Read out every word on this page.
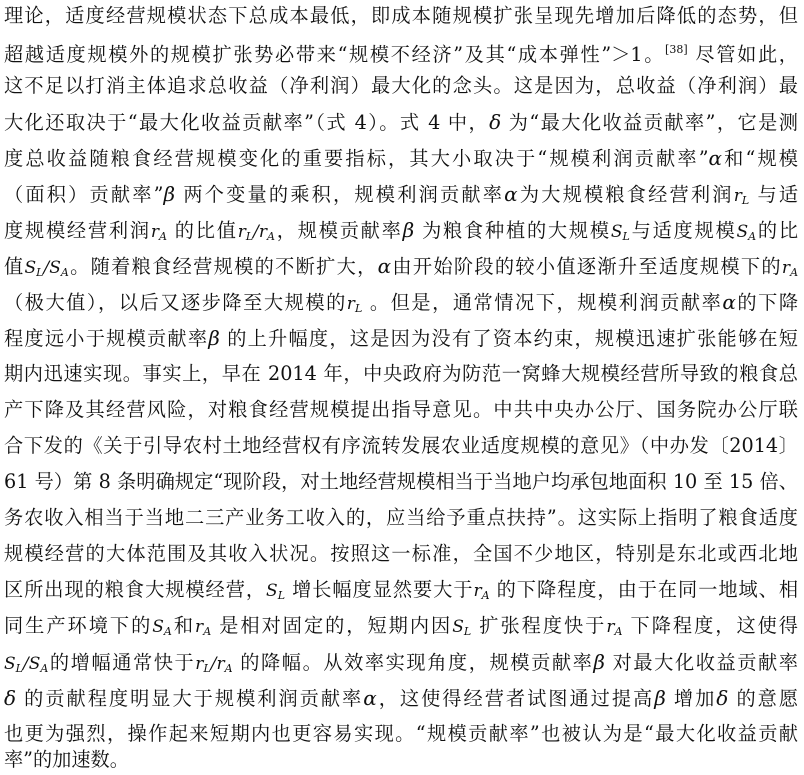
理论，适度经营规模状态下总成本最低，即成本随规模扩张呈现先增加后降低的态势，但
超越适度规模外的规模扩张势必带来“规模不经济”及其“成本弹性”＞1。[38] 尽管如此，
这不足以打消主体追求总收益（净利润）最大化的念头。这是因为，总收益（净利润）最
大化还取决于“最大化收益贡献率”（式 4）。式 4 中，δ 为“最大化收益贡献率”，它是测
度总收益随粮食经营规模变化的重要指标，其大小取决于“规模利润贡献率”α和“规模
（面积）贡献率”β 两个变量的乘积，规模利润贡献率α为大规模粮食经营利润$r_L$ 与适
度规模经营利润$r_A$ 的比值$r_L/r_A$，规模贡献率β 为粮食种植的大规模$S_L$与适度规模$S_A$的比
值$S_L/S_A$。随着粮食经营规模的不断扩大，α由开始阶段的较小值逐渐升至适度规模下的$r_A$
（极大值），以后又逐步降至大规模的$r_L$ 。但是，通常情况下，规模利润贡献率α的下降
程度远小于规模贡献率β 的上升幅度，这是因为没有了资本约束，规模迅速扩张能够在短
期内迅速实现。事实上，早在 2014 年，中央政府为防范一窝蜂大规模经营所导致的粮食总
产下降及其经营风险，对粮食经营规模提出指导意见。中共中央办公厅、国务院办公厅联
合下发的《关于引导农村土地经营权有序流转发展农业适度规模的意见》（中办发〔2014〕
61 号）第 8 条明确规定“现阶段，对土地经营规模相当于当地户均承包地面积 10 至 15 倍、
务农收入相当于当地二三产业务工收入的，应当给予重点扶持”。这实际上指明了粮食适度
规模经营的大体范围及其收入状况。按照这一标准，全国不少地区，特别是东北或西北地
区所出现的粮食大规模经营，$S_L$ 增长幅度显然要大于$r_A$ 的下降程度，由于在同一地域、相
同生产环境下的$S_A$和$r_A$ 是相对固定的，短期内因$S_L$ 扩张程度快于$r_A$ 下降程度，这使得
$S_L/S_A$的增幅通常快于$r_L/r_A$ 的降幅。从效率实现角度，规模贡献率β 对最大化收益贡献率
δ 的贡献程度明显大于规模利润贡献率α，这使得经营者试图通过提高β 增加δ 的意愿
也更为强烈，操作起来短期内也更容易实现。“规模贡献率”也被认为是“最大化收益贡献
率”的加速数。
